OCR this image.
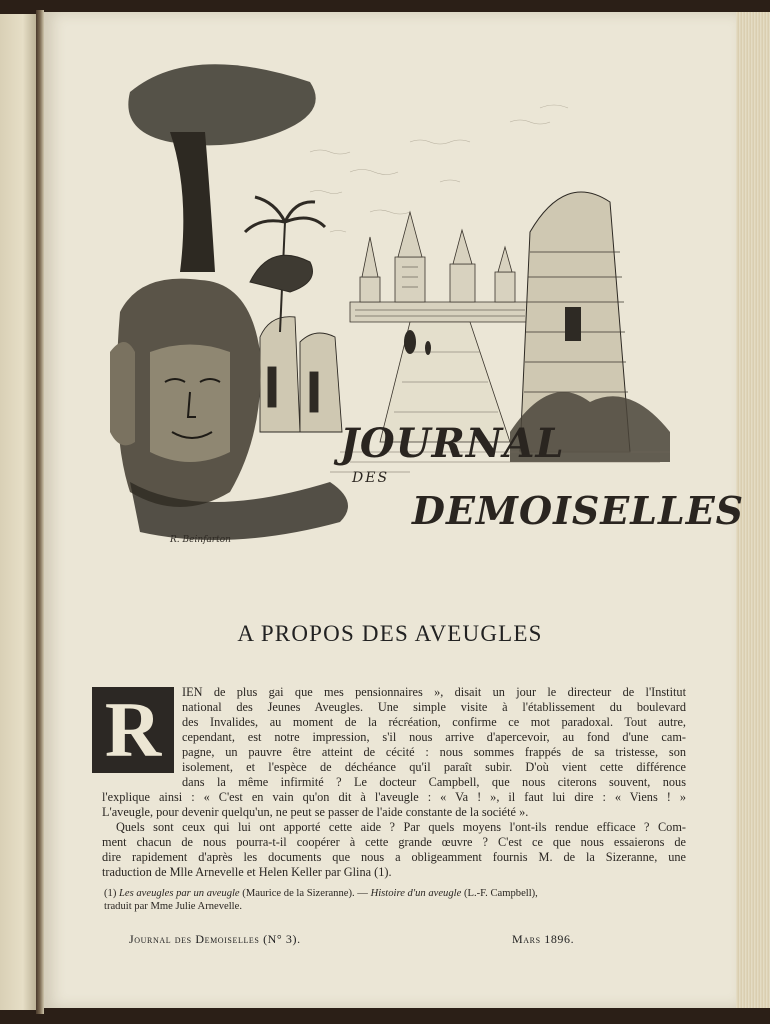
R. Beinfarton
JOURNAL
DES
DEMOISELLES
A PROPOS DES AVEUGLES
R	IEN de plus gai que mes pensionnaires », disait un jour le directeur de l'Institut
national des Jeunes Aveugles. Une simple visite à l'établissement du boulevard
des Invalides, au moment de la récréation, confirme ce mot paradoxal. Tout autre,
cependant, est notre impression, s'il nous arrive d'apercevoir, au fond d'une cam-
pagne, un pauvre être atteint de cécité : nous sommes frappés de sa tristesse, son
isolement, et l'espèce de déchéance qu'il paraît subir. D'où vient cette différence
dans la même infirmité ? Le docteur Campbell, que nous citerons souvent, nous
l'explique ainsi : « C'est en vain qu'on dit à l'aveugle : « Va ! », il faut lui dire : « Viens ! »
L'aveugle, pour devenir quelqu'un, ne peut se passer de l'aide constante de la société ».
Quels sont ceux qui lui ont apporté cette aide ? Par quels moyens l'ont-ils rendue efficace ? Com-
ment chacun de nous pourra-t-il coopérer à cette grande œuvre ? C'est ce que nous essaierons de
dire rapidement d'après les documents que nous a obligeamment fournis M. de la Sizeranne, une
traduction de Mlle Arnevelle et Helen Keller par Glina (1).
(1) Les aveugles par un aveugle (Maurice de la Sizeranne). — Histoire d'un aveugle (L.-F. Campbell),
traduit par Mme Julie Arnevelle.
Journal des Demoiselles (N° 3).	Mars 1896.
